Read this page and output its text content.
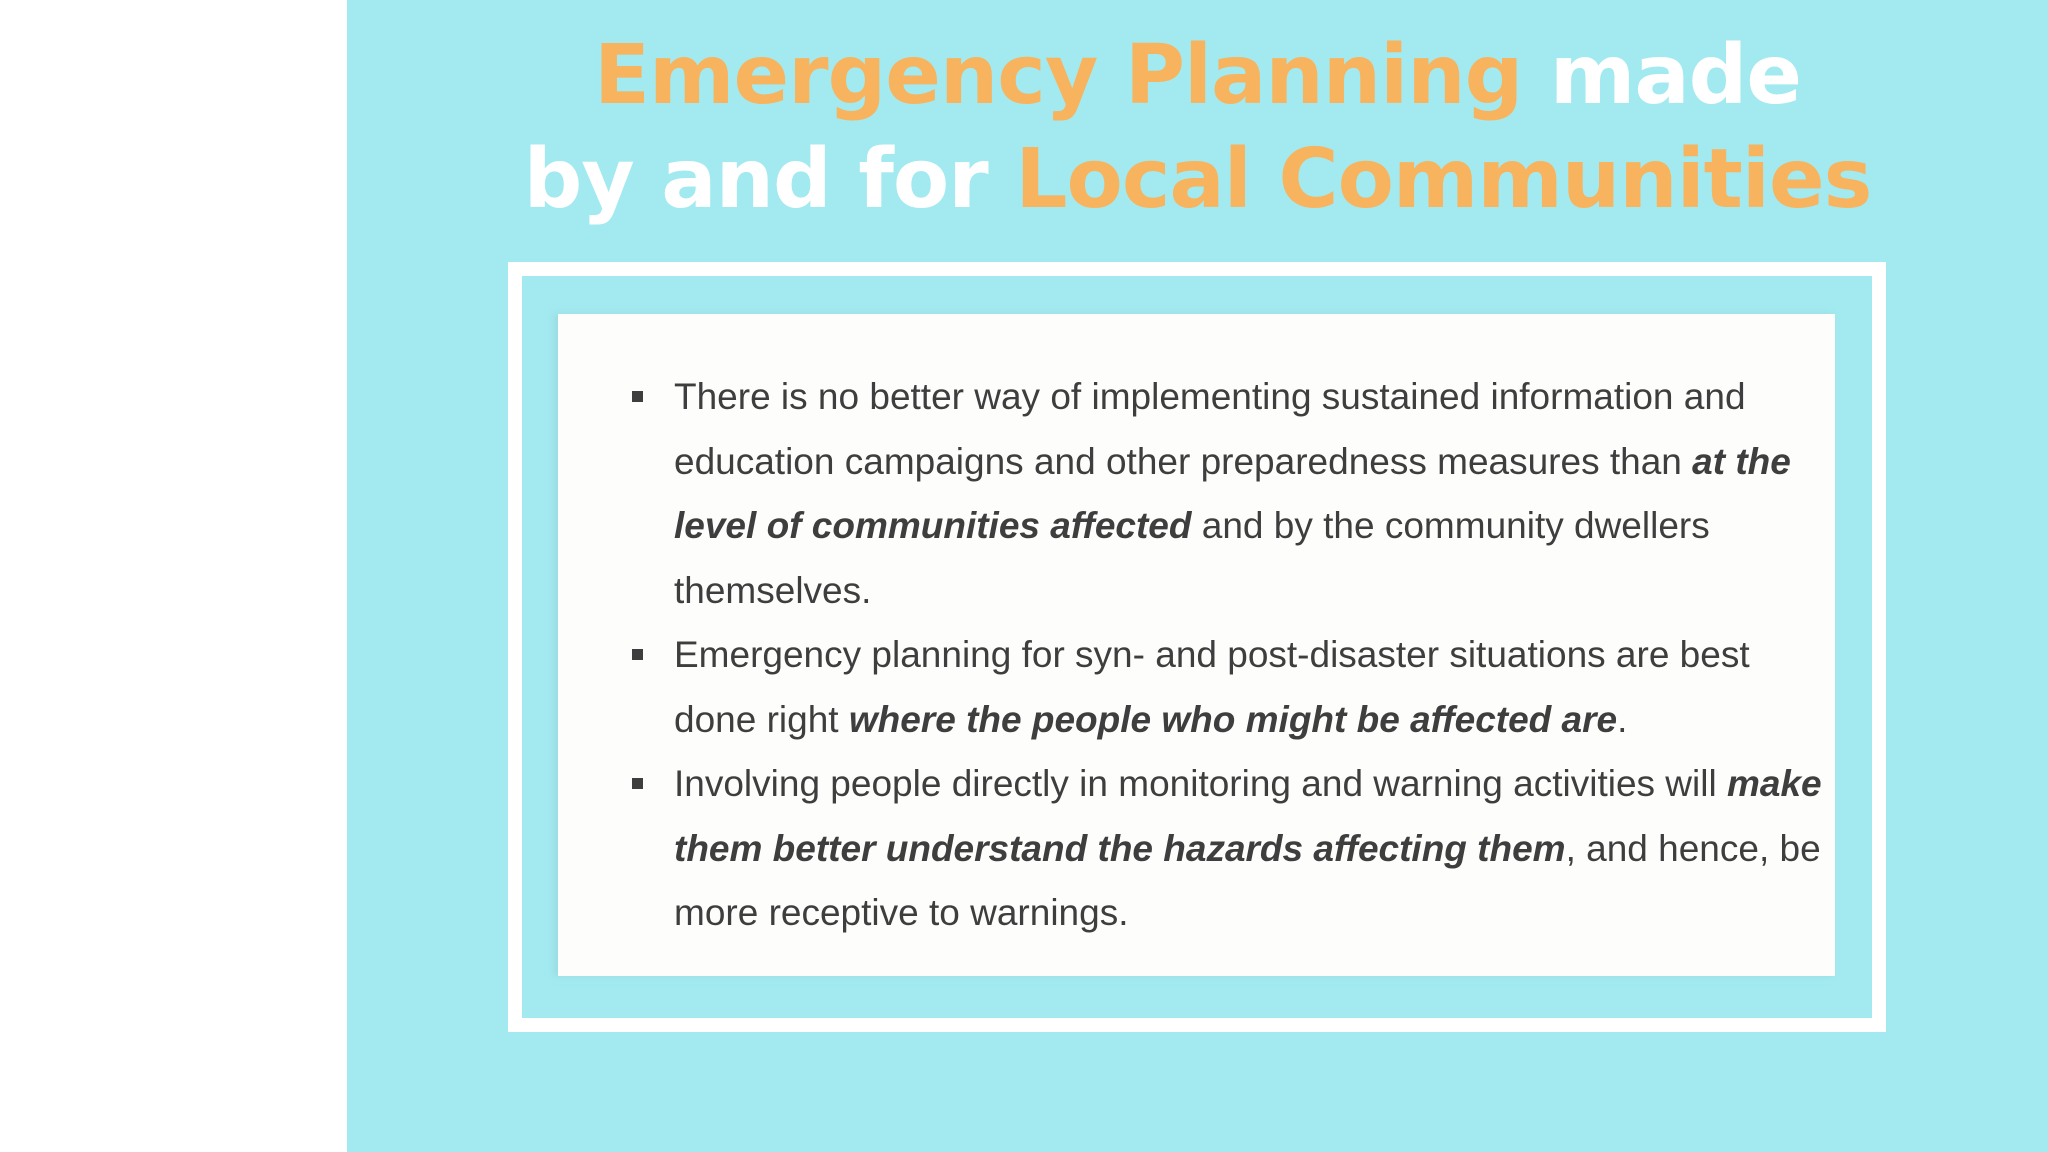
Emergency Planning made
by and for Local Communities
There is no better way of implementing sustained information and education campaigns and other preparedness measures than at the level of communities affected and by the community dwellers themselves.
Emergency planning for syn- and post-disaster situations are best done right where the people who might be affected are.
Involving people directly in monitoring and warning activities will make them better understand the hazards affecting them, and hence, be more receptive to warnings.
